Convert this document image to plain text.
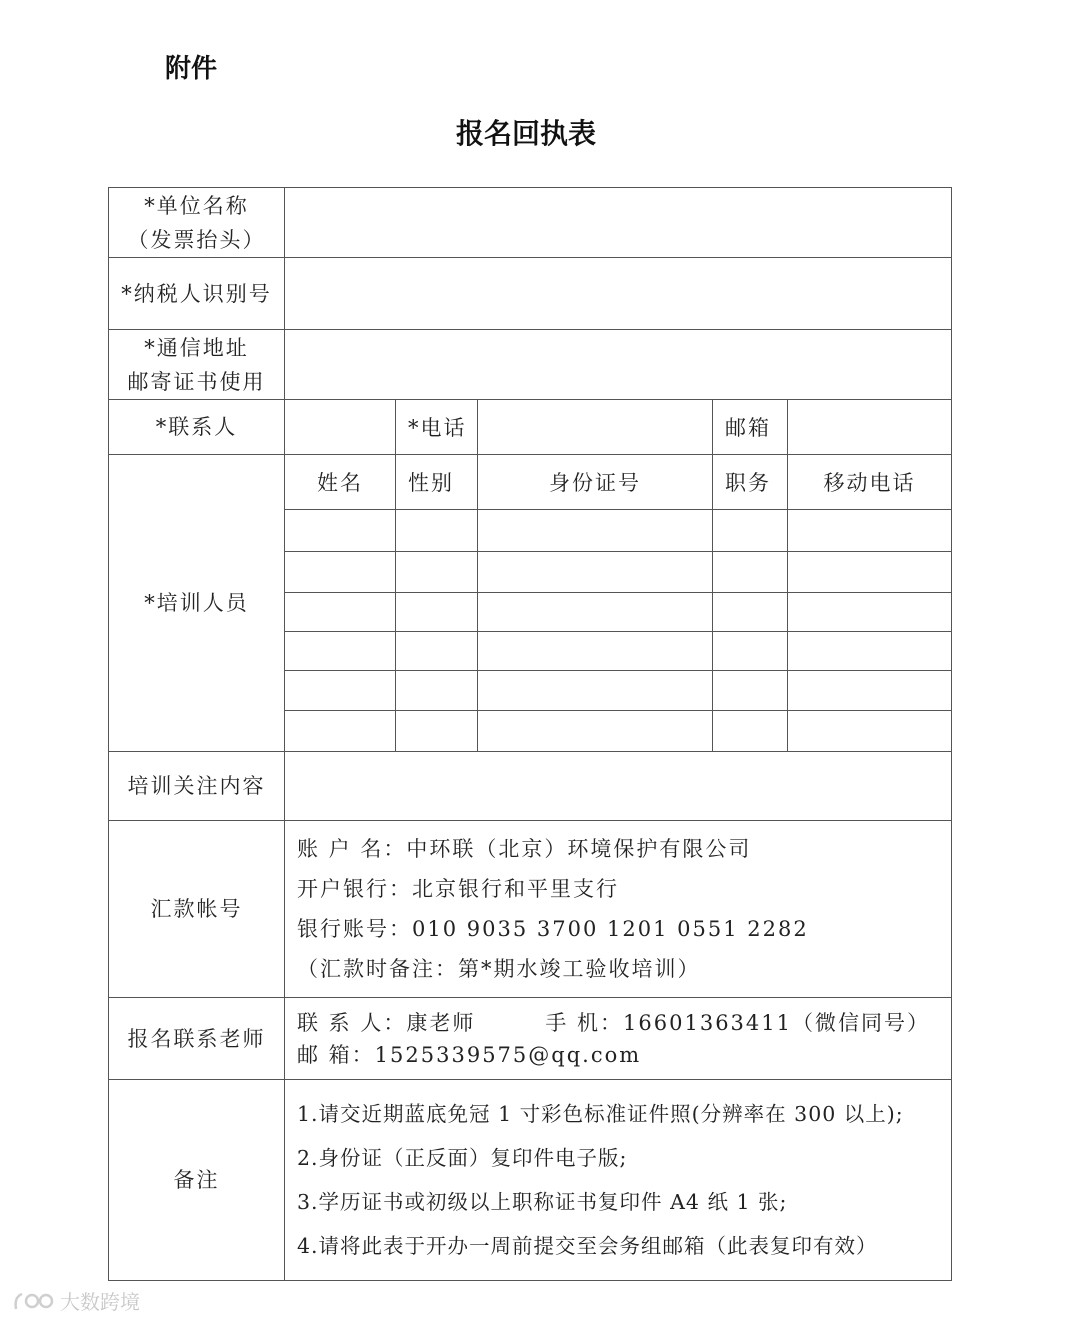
附件
报名回执表
*单位名称
（发票抬头）					

*纳税人识别号					

*通信地址
邮寄证书使用					

*联系人		*电话		邮箱	
*培训人员	姓名	性别	身份证号	职务	移动电话

培训关注内容					
汇款帐号	账 户 名：中环联（北京）环境保护有限公司
开户银行：北京银行和平里支行
银行账号：010 9035 3700 1201 0551 2282
（汇款时备注：第*期水竣工验收培训）				

报名联系老师	联 系 人：康老师 手 机：16601363411（微信同号）
邮 箱：1525339575@qq.com				

备注	1.请交近期蓝底免冠 1 寸彩色标准证件照(分辨率在 300 以上);
2.身份证（正反面）复印件电子版;
3.学历证书或初级以上职称证书复印件 A4 纸 1 张;
4.请将此表于开办一周前提交至会务组邮箱（此表复印有效）				
大数跨境
